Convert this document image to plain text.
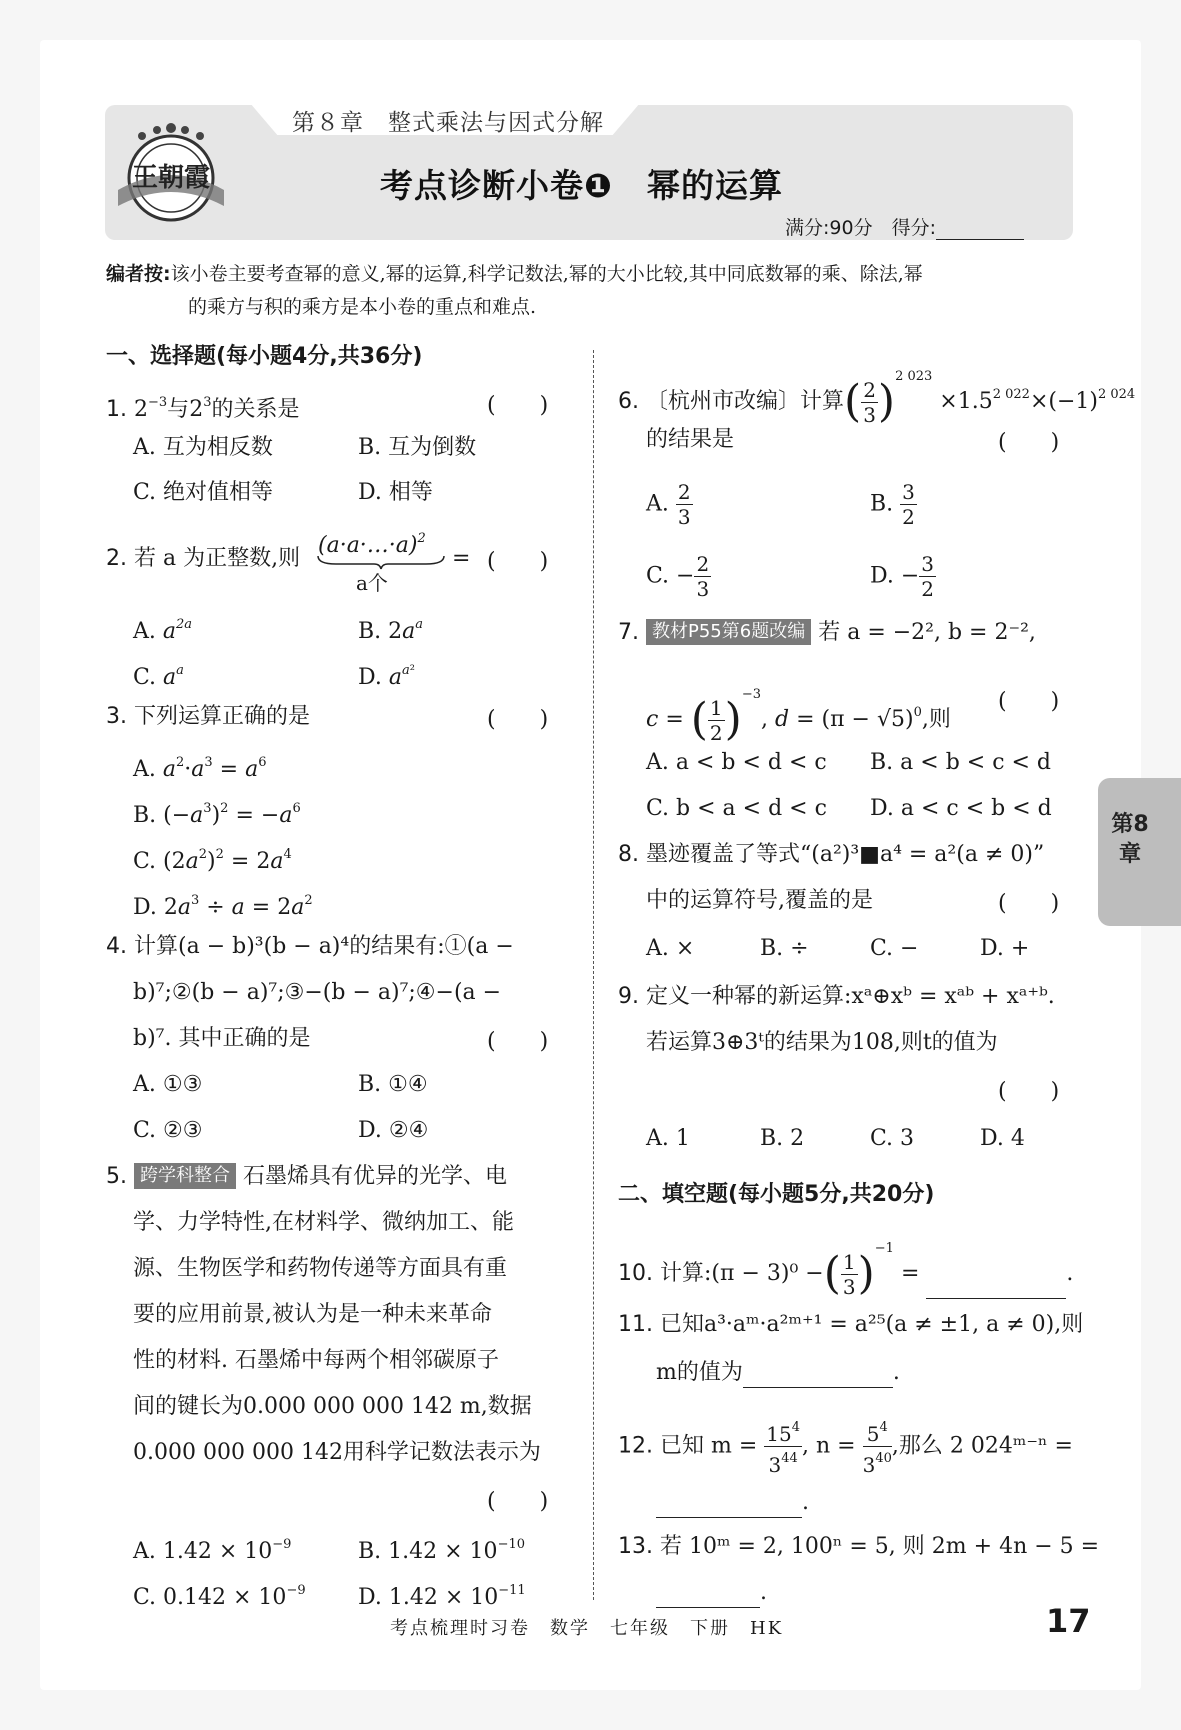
第８章　整式乘法与因式分解
王朝霞	考点诊断小卷❶　幂的运算
满分:90分　得分:
编者按:该小卷主要考查幂的意义,幂的运算,科学记数法,幂的大小比较,其中同底数幂的乘、除法,幂
的乘方与积的乘方是本小卷的重点和难点.
一、选择题(每小题4分,共36分)
1. $2^{-3}$与$2^3$的关系是	(　　)
A. 互为相反数	B. 互为倒数
C. 绝对值相等	D. 相等
2. 若 a 为正整数,则
(a·a·…·a)$^2$
a个
= (　　)
A. $a^{2a}$	B. $2a^a$
C. $a^a$	D. $a^{a^2}$
3. 下列运算正确的是	(　　)
A. $a^2\cdot a^3 = a^6$
B. $(-a^3)^2 = -a^6$
C. $(2a^2)^2 = 2a^4$
D. $2a^3 \div a = 2a^2$
4. 计算(a − b)³(b − a)⁴的结果有:①(a −
b)⁷;②(b − a)⁷;③−(b − a)⁷;④−(a −
b)⁷. 其中正确的是	(　　)
A. ①③	B. ①④
C. ②③	D. ②④
5. 跨学科整合 石墨烯具有优异的光学、电
学、力学特性,在材料学、微纳加工、能
源、生物医学和药物传递等方面具有重
要的应用前景,被认为是一种未来革命
性的材料. 石墨烯中每两个相邻碳原子
间的键长为0.000 000 000 142 m,数据
0.000 000 000 142用科学记数法表示为
(　　)
A. $1.42 \times 10^{-9}$	B. $1.42 \times 10^{-10}$
C. $0.142 \times 10^{-9}$ D. $1.42 \times 10^{-11}$
6. 〔杭州市改编〕计算( $\frac{2}{3} )^{2 023} \times 1.5^{2 022}\times(-1)^{2 024}$
的结果是	(　　)
A. $\frac{2}{3}$	B. $\frac{3}{2}$
C. − $\frac{2}{3}$	D. − $\frac{3}{2}$
7. 教材P55第6题改编 若 a = −2², b = 2⁻²,
c = ( $\frac{1}{2} )^{-3}$, $d = (\pi - √5)^0$,则
(　　)
A. a < b < d < c B. a < b < c < d
C. b < a < d < c D. a < c < b < d
8. 墨迹覆盖了等式“(a²)³■a⁴ = a²(a ≠ 0)”
中的运算符号,覆盖的是	(　　)
A. ×	B. ÷	C. −	D. +
9. 定义一种幂的新运算:xᵃ⊕xᵇ = xᵃᵇ + xᵃ⁺ᵇ.
若运算3⊕3ᵗ的结果为108,则t的值为
(　　)
A. 1	B. 2	C. 3	D. 4
二、填空题(每小题5分,共20分)
10. 计算:(π − 3)⁰ −( $\frac{1}{3} )^{-1}$ =	.
11. 已知a³·aᵐ·a²ᵐ⁺¹ = a²⁵(a ≠ ±1, a ≠ 0),则
m的值为	.
12. 已知 $m = \frac{15^4}{3^{44}}$ , $n = \frac{5^4}{3^{40}}$ ,那么 2 024ᵐ⁻ⁿ =
.
13. 若 10ᵐ = 2, 100ⁿ = 5, 则 2m + 4n − 5 =
.
第8章
考点梳理时习卷　数学　七年级　下册　HK	17
